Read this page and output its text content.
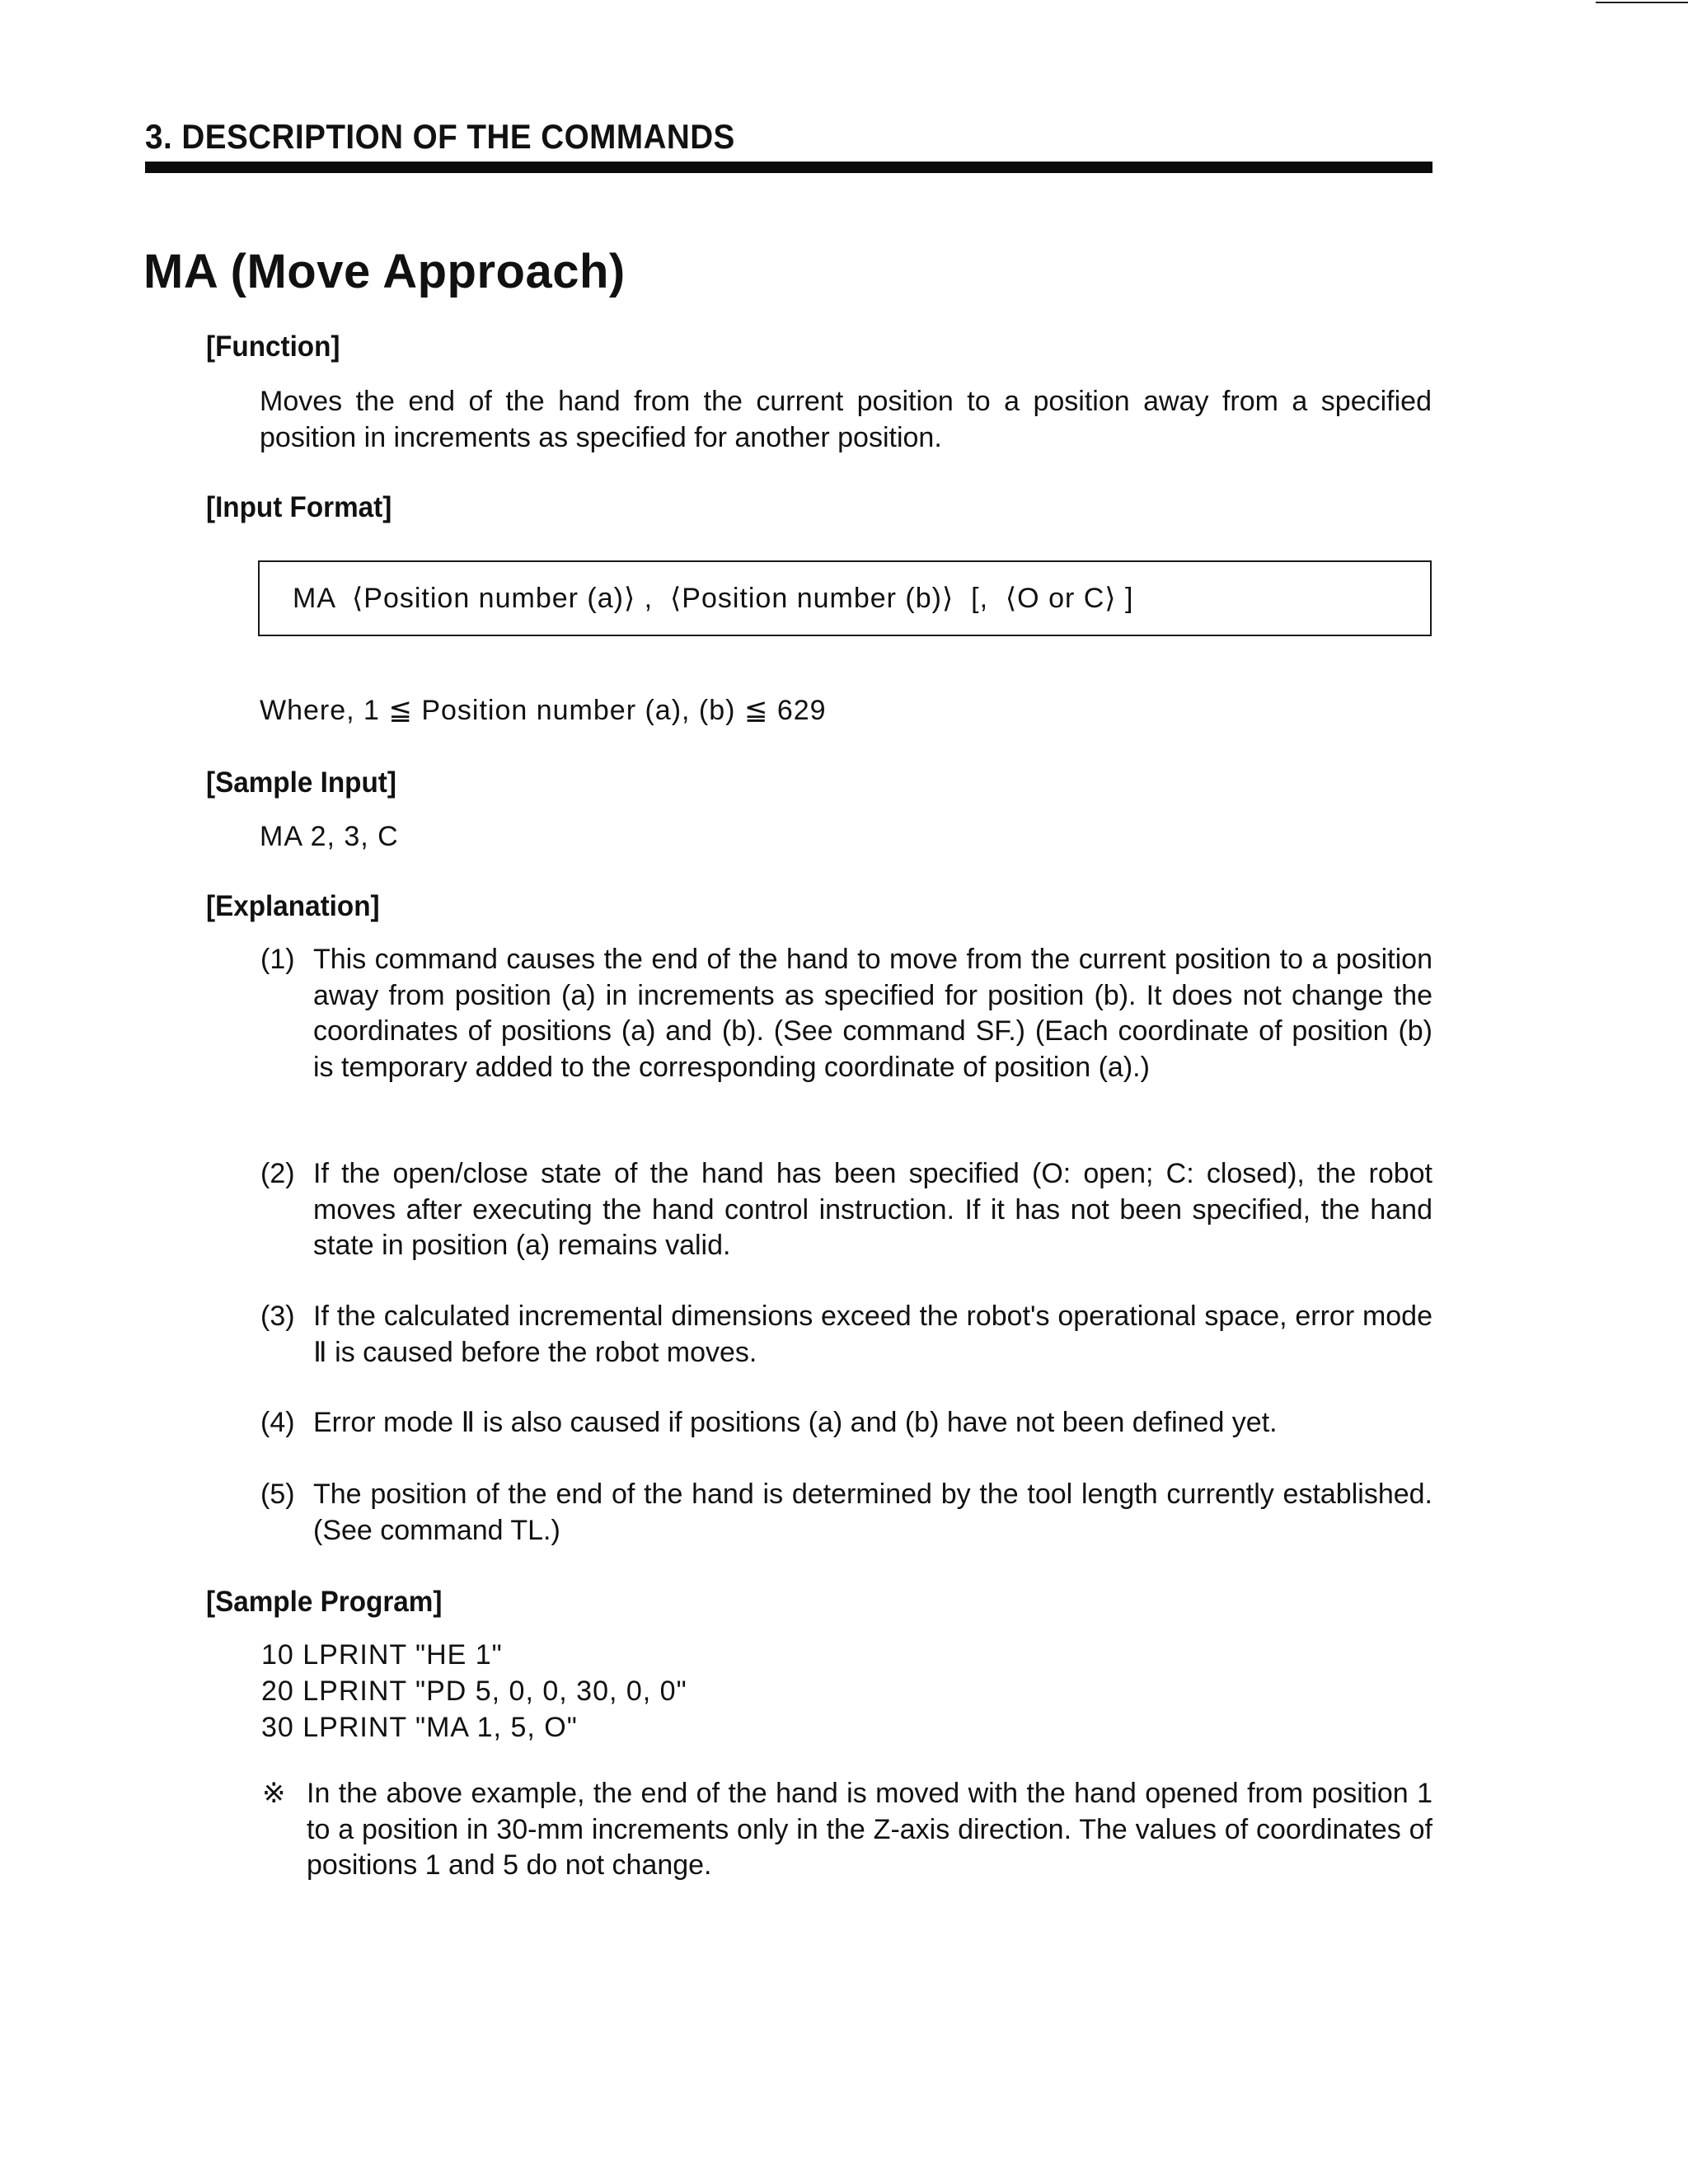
3. DESCRIPTION OF THE COMMANDS
MA (Move Approach)
[Function]
Moves the end of the hand from the current position to a position away from a specified position in increments as specified for another position.
[Input Format]
MA  ⟨Position number (a)⟩ ,  ⟨Position number (b)⟩  [,  ⟨O or C⟩ ]
Where, 1 ≦ Position number (a), (b) ≦ 629
[Sample Input]
MA 2, 3, C
[Explanation]
(1) This command causes the end of the hand to move from the current position to a position away from position (a) in increments as specified for position (b). It does not change the coordinates of positions (a) and (b). (See command SF.) (Each coordinate of position (b) is temporary added to the corresponding coordinate of position (a).)
(2) If the open/close state of the hand has been specified (O: open; C: closed), the robot moves after executing the hand control instruction. If it has not been specified, the hand state in position (a) remains valid.
(3) If the calculated incremental dimensions exceed the robot's operational space, error mode Ⅱ is caused before the robot moves.
(4) Error mode Ⅱ is also caused if positions (a) and (b) have not been defined yet.
(5) The position of the end of the hand is determined by the tool length currently established. (See command TL.)
[Sample Program]
10 LPRINT "HE 1"
20 LPRINT "PD 5, 0, 0, 30, 0, 0"
30 LPRINT "MA 1, 5, O"
※ In the above example, the end of the hand is moved with the hand opened from position 1 to a position in 30-mm increments only in the Z-axis direction. The values of coordinates of positions 1 and 5 do not change.
